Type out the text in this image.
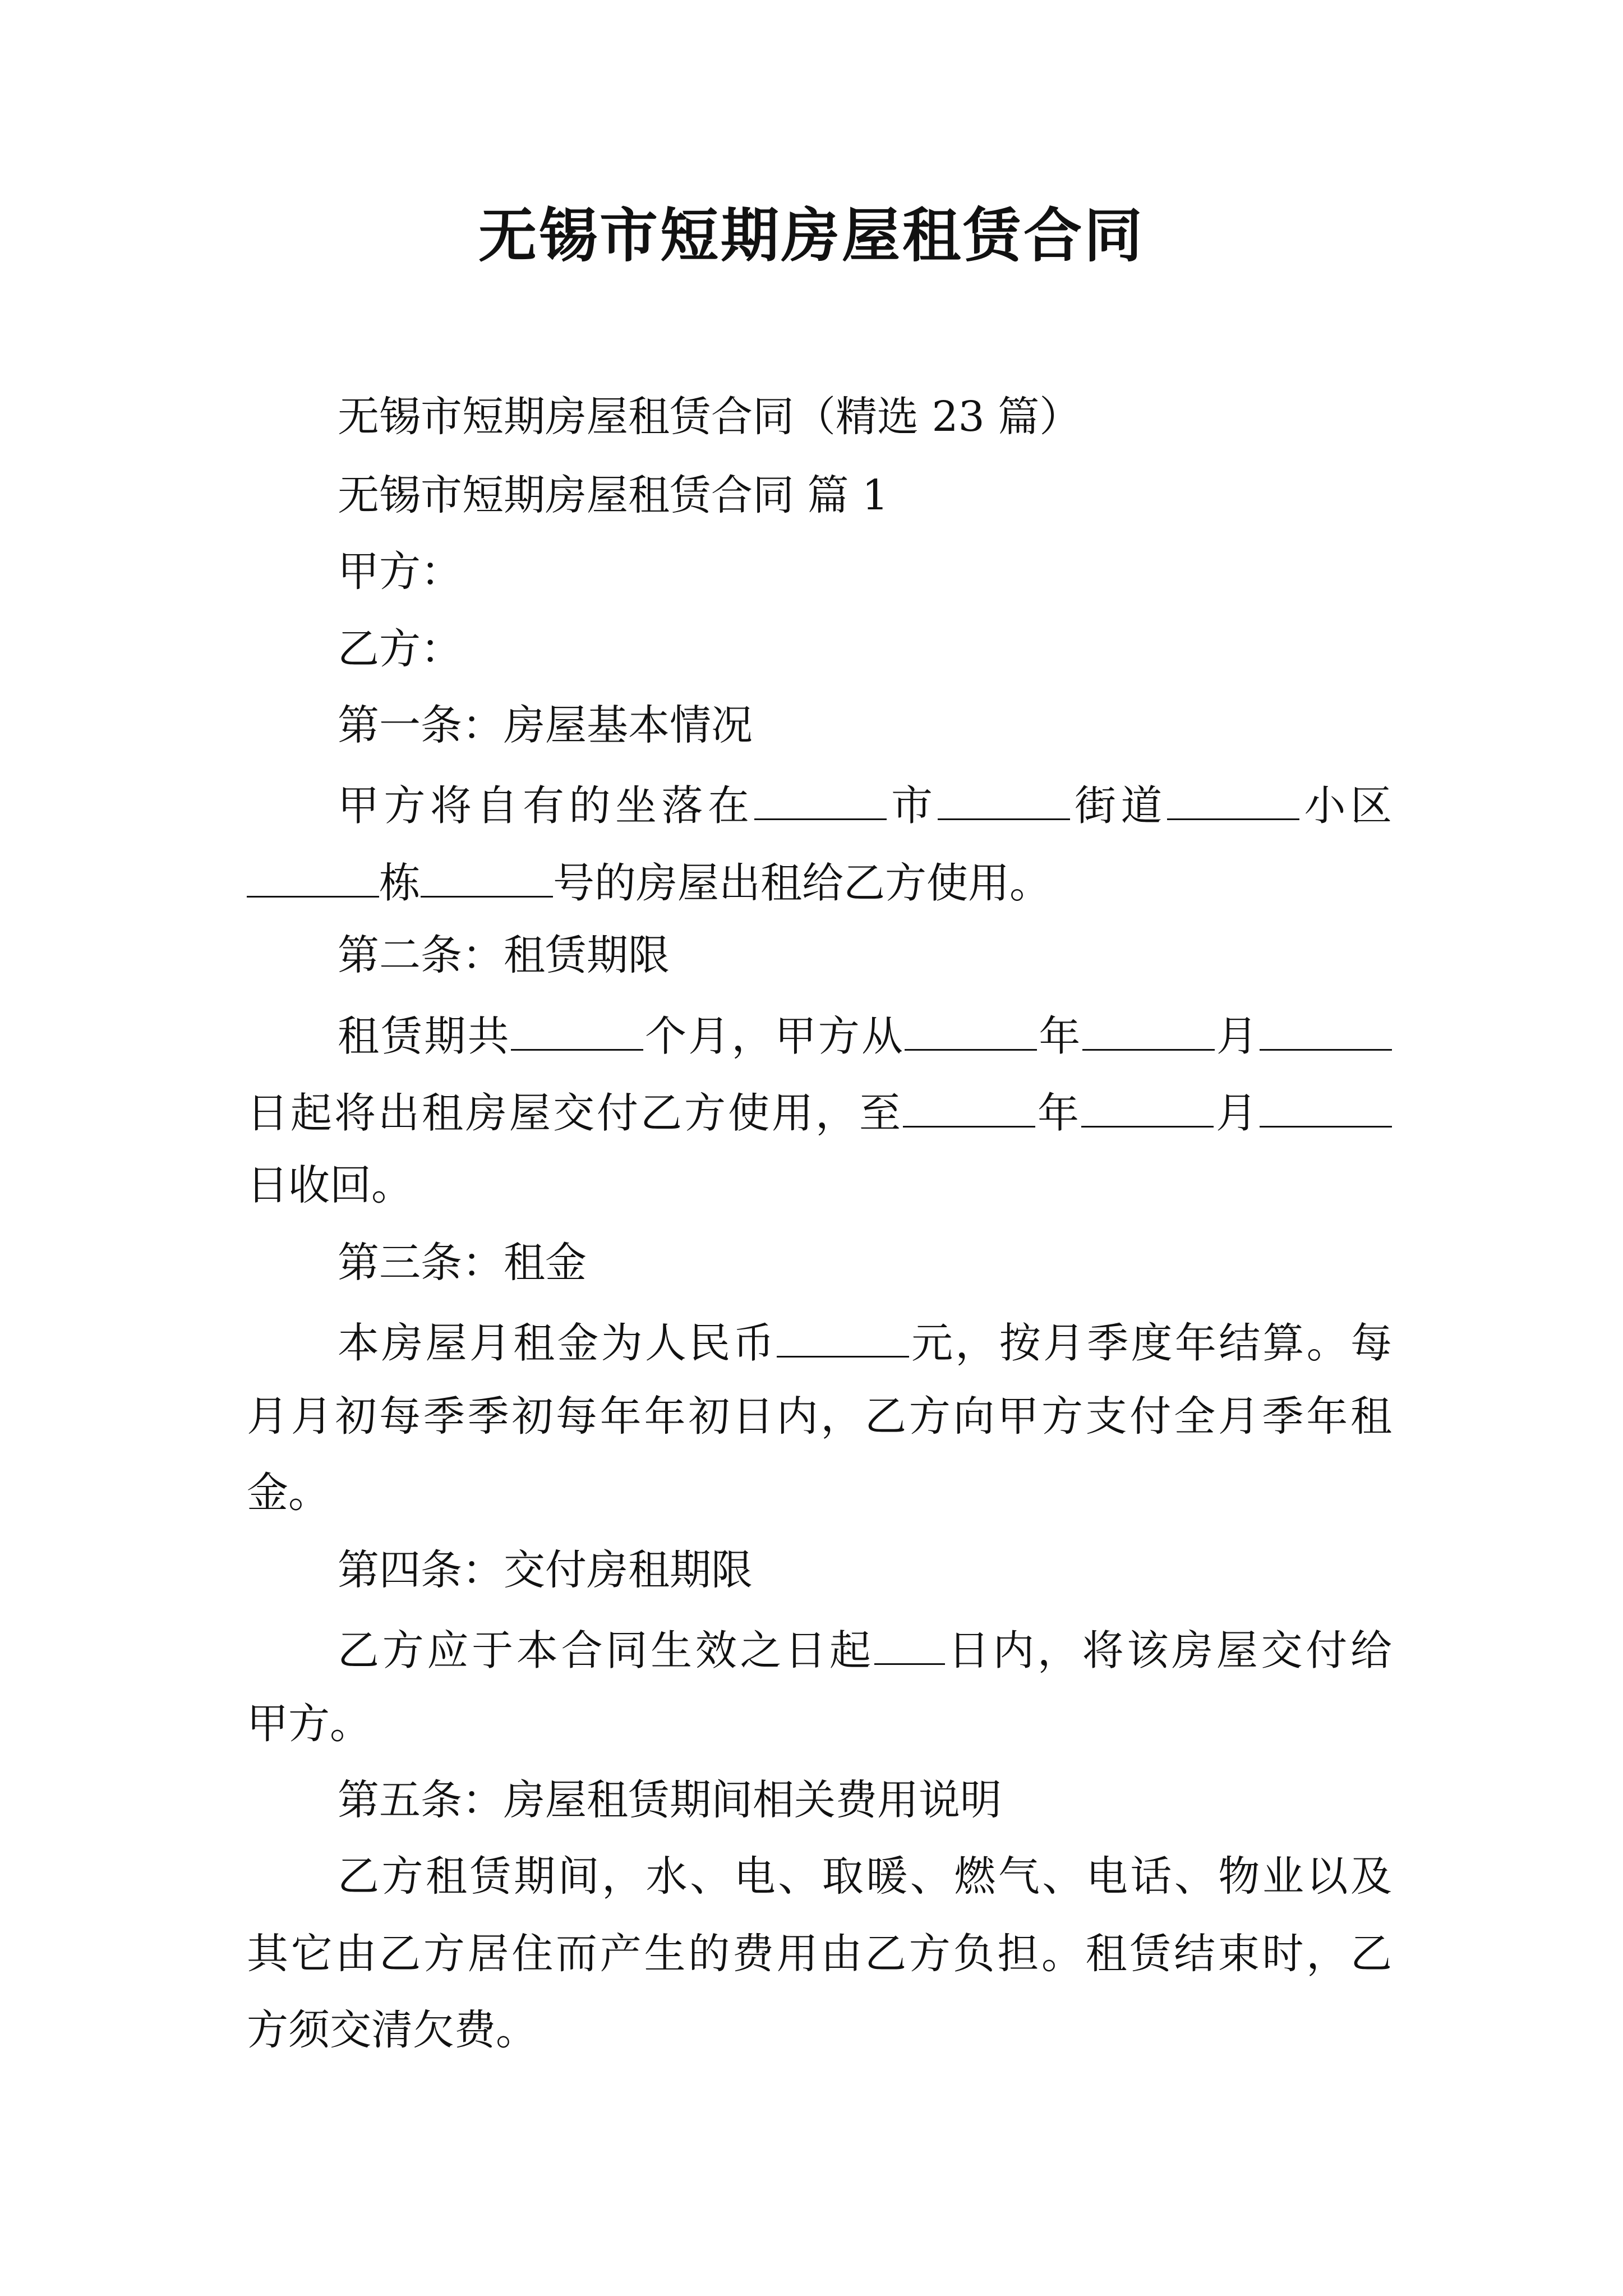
无锡市短期房屋租赁合同
无锡市短期房屋租赁合同（精选 23 篇）
无锡市短期房屋租赁合同 篇 1
甲方：
乙方：
第一条：房屋基本情况
甲方将自有的坐落在	市	街道	小区
栋	号的房屋出租给乙方使用。
第二条：租赁期限
租赁期共	个月，甲方从	年	月
日起将出租房屋交付乙方使用，至	年	月
日收回。
第三条：租金
本房屋月租金为人民币	元，按月季度年结算。每
月月初每季季初每年年初日内，乙方向甲方支付全月季年租
金。
第四条：交付房租期限
乙方应于本合同生效之日起 日内，将该房屋交付给
甲方。
第五条：房屋租赁期间相关费用说明
乙方租赁期间，水、电、取暖、燃气、电话、物业以及
其它由乙方居住而产生的费用由乙方负担。租赁结束时，乙
方须交清欠费。
